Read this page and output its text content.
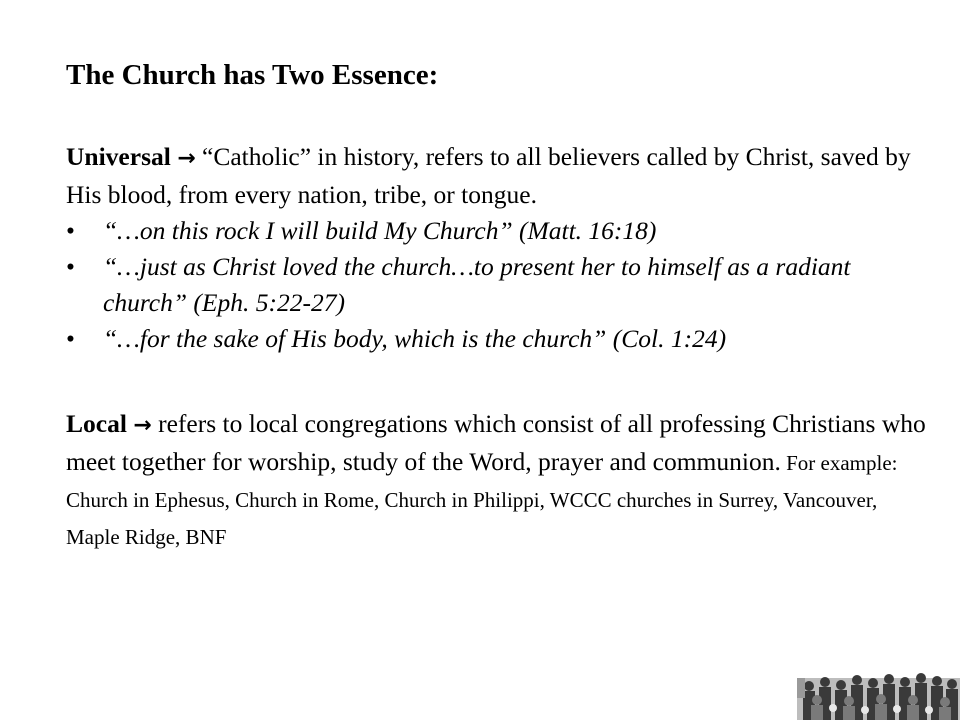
The Church has Two Essence:

Universal → “Catholic” in history, refers to all believers called by Christ, saved by His blood, from every nation, tribe, or tongue.

• “…on this rock I will build My Church” (Matt. 16:18)
• “…just as Christ loved the church…to present her to himself as a radiant church” (Eph. 5:22-27)
• “…for the sake of His body, which is the church” (Col. 1:24)

Local → refers to local congregations which consist of all professing Christians who meet together for worship, study of the Word, prayer and communion. For example: Church in Ephesus, Church in Rome, Church in Philippi, WCCC churches in Surrey, Vancouver, Maple Ridge, BNF
